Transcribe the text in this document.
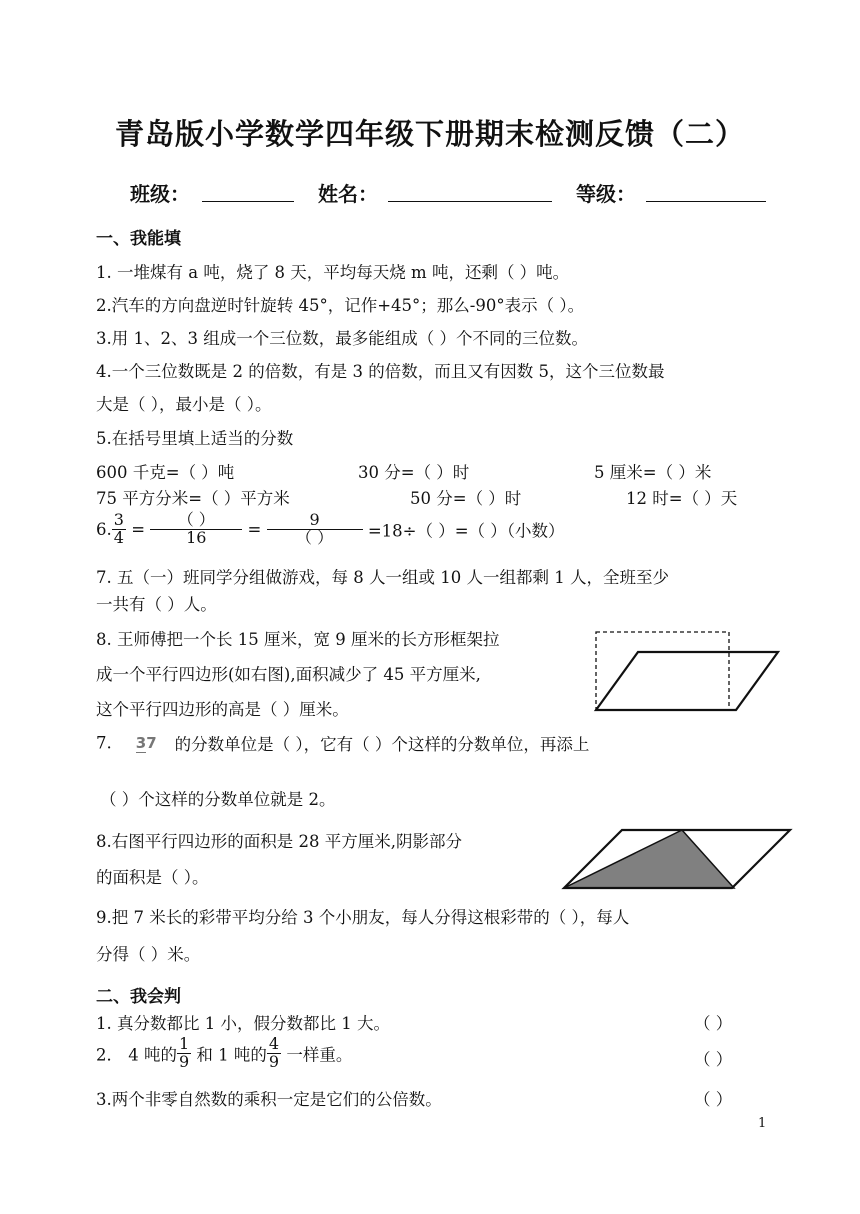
青岛版小学数学四年级下册期末检测反馈（二）
班级：	姓名：	等级：
一、我能填
1. 一堆煤有 a 吨，烧了 8 天，平均每天烧 m 吨，还剩（ ）吨。
2.汽车的方向盘逆时针旋转 45°，记作+45°；那么-90°表示（ ）。
3.用 1、2、3 组成一个三位数，最多能组成（ ）个不同的三位数。
4.一个三位数既是 2 的倍数，有是 3 的倍数，而且又有因数 5，这个三位数最
大是（ ），最小是（ ）。
5.在括号里填上适当的分数
600 千克=（ ）吨	30 分=（ ）时	5 厘米=（ ）米
75 平方分米=（ ）平方米	50 分=（ ）时	12 时=（ ）天
6. $\frac{3}{4} = \frac{( )}{16} = \frac{9}{( )} =18\div$（ ）=（ ）（小数）
7. 五（一）班同学分组做游戏，每 8 人一组或 10 人一组都剩 1 人，全班至少
一共有（ ）人。
8. 王师傅把一个长 15 厘米，宽 9 厘米的长方形框架拉
成一个平行四边形(如右图),面积减少了 45 平方厘米,
这个平行四边形的高是（ ）厘米。
7. 37 的分数单位是（ ），它有（ ）个这样的分数单位，再添上
（ ）个这样的分数单位就是 2。
8.右图平行四边形的面积是 28 平方厘米,阴影部分
的面积是（ ）。
9.把 7 米长的彩带平均分给 3 个小朋友，每人分得这根彩带的（ ），每人
分得（ ）米。
二、我会判
1. 真分数都比 1 小，假分数都比 1 大。	（ ）
2． 4 吨的 $\frac{1}{9}$ 和 1 吨的 $\frac{4}{9}$ 一样重。	（ ）
3.两个非零自然数的乘积一定是它们的公倍数。	（ ）
1
